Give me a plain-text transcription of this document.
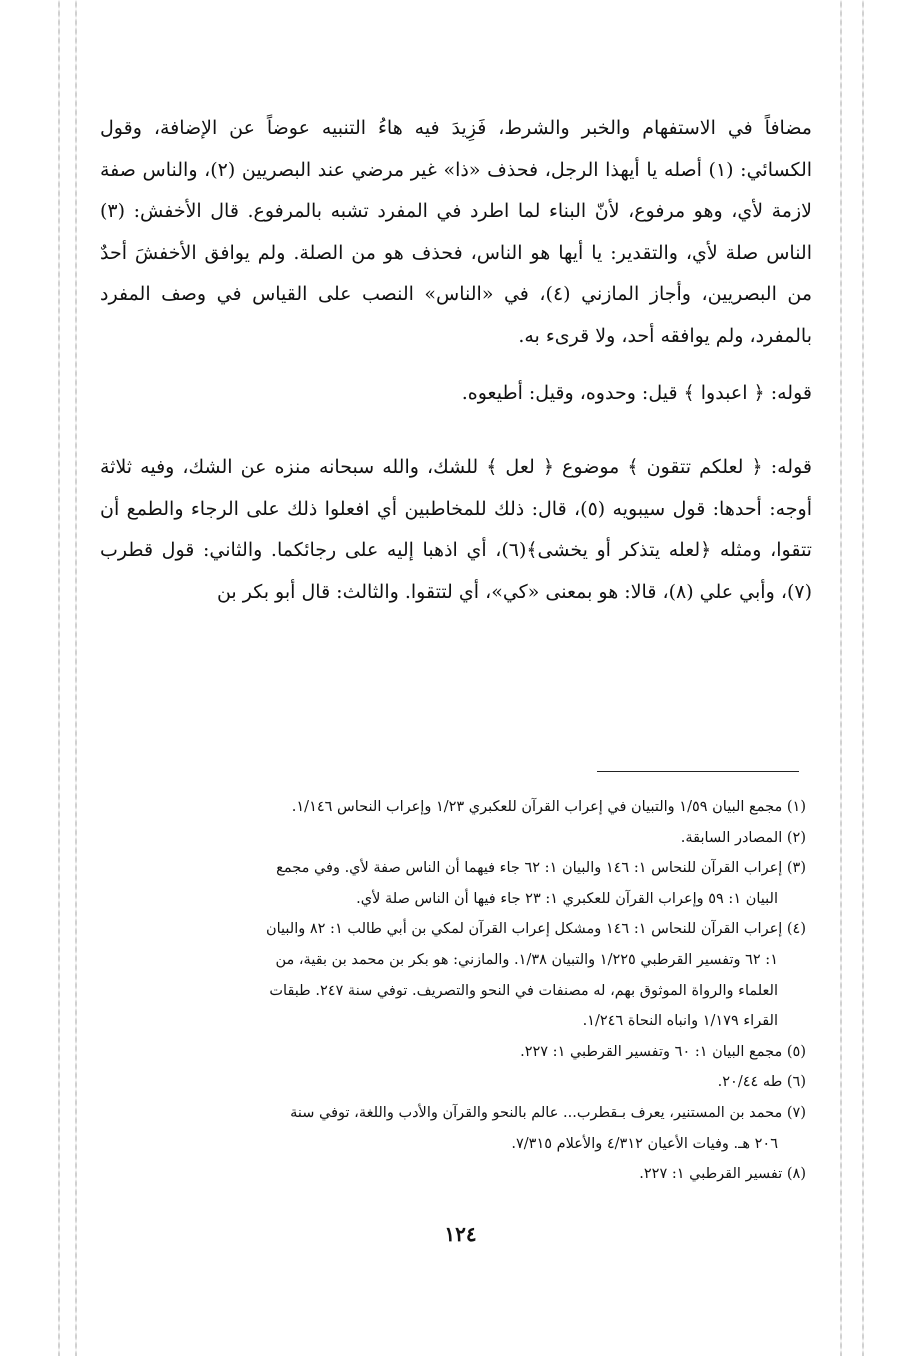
مضافاً في الاستفهام والخبر والشرط، فَزِيدَ فيه هاءُ التنبيه عوضاً عن الإضافة، وقول الكسائي: (١) أصله يا أيهذا الرجل، فحذف «ذا» غير مرضي عند البصريين (٢)، والناس صفة لازمة لأي، وهو مرفوع، لأنّ البناء لما اطرد في المفرد تشبه بالمرفوع. قال الأخفش: (٣) الناس صلة لأي، والتقدير: يا أيها هو الناس، فحذف هو من الصلة. ولم يوافق الأخفشَ أحدٌ من البصريين، وأجاز المازني (٤)، في «الناس» النصب على القياس في وصف المفرد بالمفرد، ولم يوافقه أحد، ولا قرىء به.

قوله: ﴿ اعبدوا ﴾ قيل: وحدوه، وقيل: أطيعوه.

قوله: ﴿ لعلكم تتقون ﴾ موضوع ﴿ لعل ﴾ للشك، والله سبحانه منزه عن الشك، وفيه ثلاثة أوجه: أحدها: قول سيبويه (٥)، قال: ذلك للمخاطبين أي افعلوا ذلك على الرجاء والطمع أن تتقوا، ومثله ﴿لعله يتذكر أو يخشى﴾(٦)، أي اذهبا إليه على رجائكما. والثاني: قول قطرب (٧)، وأبي علي (٨)، قالا: هو بمعنى «كي»، أي لتتقوا. والثالث: قال أبو بكر بن

(١) مجمع البيان ١/٥٩ والتبيان في إعراب القرآن للعكبري ١/٢٣ وإعراب النحاس ١/١٤٦.

(٢) المصادر السابقة.

(٣) إعراب القرآن للنحاس ١: ١٤٦ والبيان ١: ٦٢ جاء فيهما أن الناس صفة لأي. وفي مجمع
البيان ١: ٥٩ وإعراب القرآن للعكبري ١: ٢٣ جاء فيها أن الناس صلة لأي.

(٤) إعراب القرآن للنحاس ١: ١٤٦ ومشكل إعراب القرآن لمكي بن أبي طالب ١: ٨٢ والبيان
١: ٦٢ وتفسير القرطبي ١/٢٢٥ والتبيان ١/٣٨. والمازني: هو بكر بن محمد بن بقية، من
العلماء والرواة الموثوق بهم، له مصنفات في النحو والتصريف. توفي سنة ٢٤٧. طبقات
القراء ١/١٧٩ وانباه النحاة ١/٢٤٦.

(٥) مجمع البيان ١: ٦٠ وتفسير القرطبي ١: ٢٢٧.

(٦) طه ٢٠/٤٤.

(٧) محمد بن المستنير، يعرف بـقطرب... عالم بالنحو والقرآن والأدب واللغة، توفي سنة
٢٠٦ هـ. وفيات الأعيان ٤/٣١٢ والأعلام ٧/٣١٥.

(٨) تفسير القرطبي ١: ٢٢٧.

١٢٤
